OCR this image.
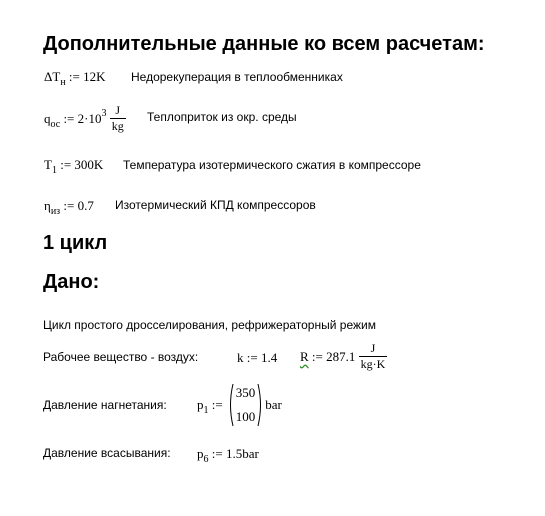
Дополнительные данные ко всем расчетам:
$\Delta T_н$ := 12K Недорекуперация в теплообменниках
$q_{ос}$ := $2\cdot 10^3 \frac{J}{kg}$ Теплоприток из окр. среды
$T_1$ := 300K Температура изотермического сжатия в компрессоре
$\eta_{из}$ := 0.7 Изотермический КПД компрессоров
1 цикл
Дано:
Цикл простого дросселирования, рефрижераторный режим
Рабочее вещество - воздух:	k := 1.4 R := $287.1 \frac{J}{kg\cdot K}$
Давление нагнетания: $p_1$ :=
350
100
bar
Давление всасывания: $p_6$ := 1.5bar
